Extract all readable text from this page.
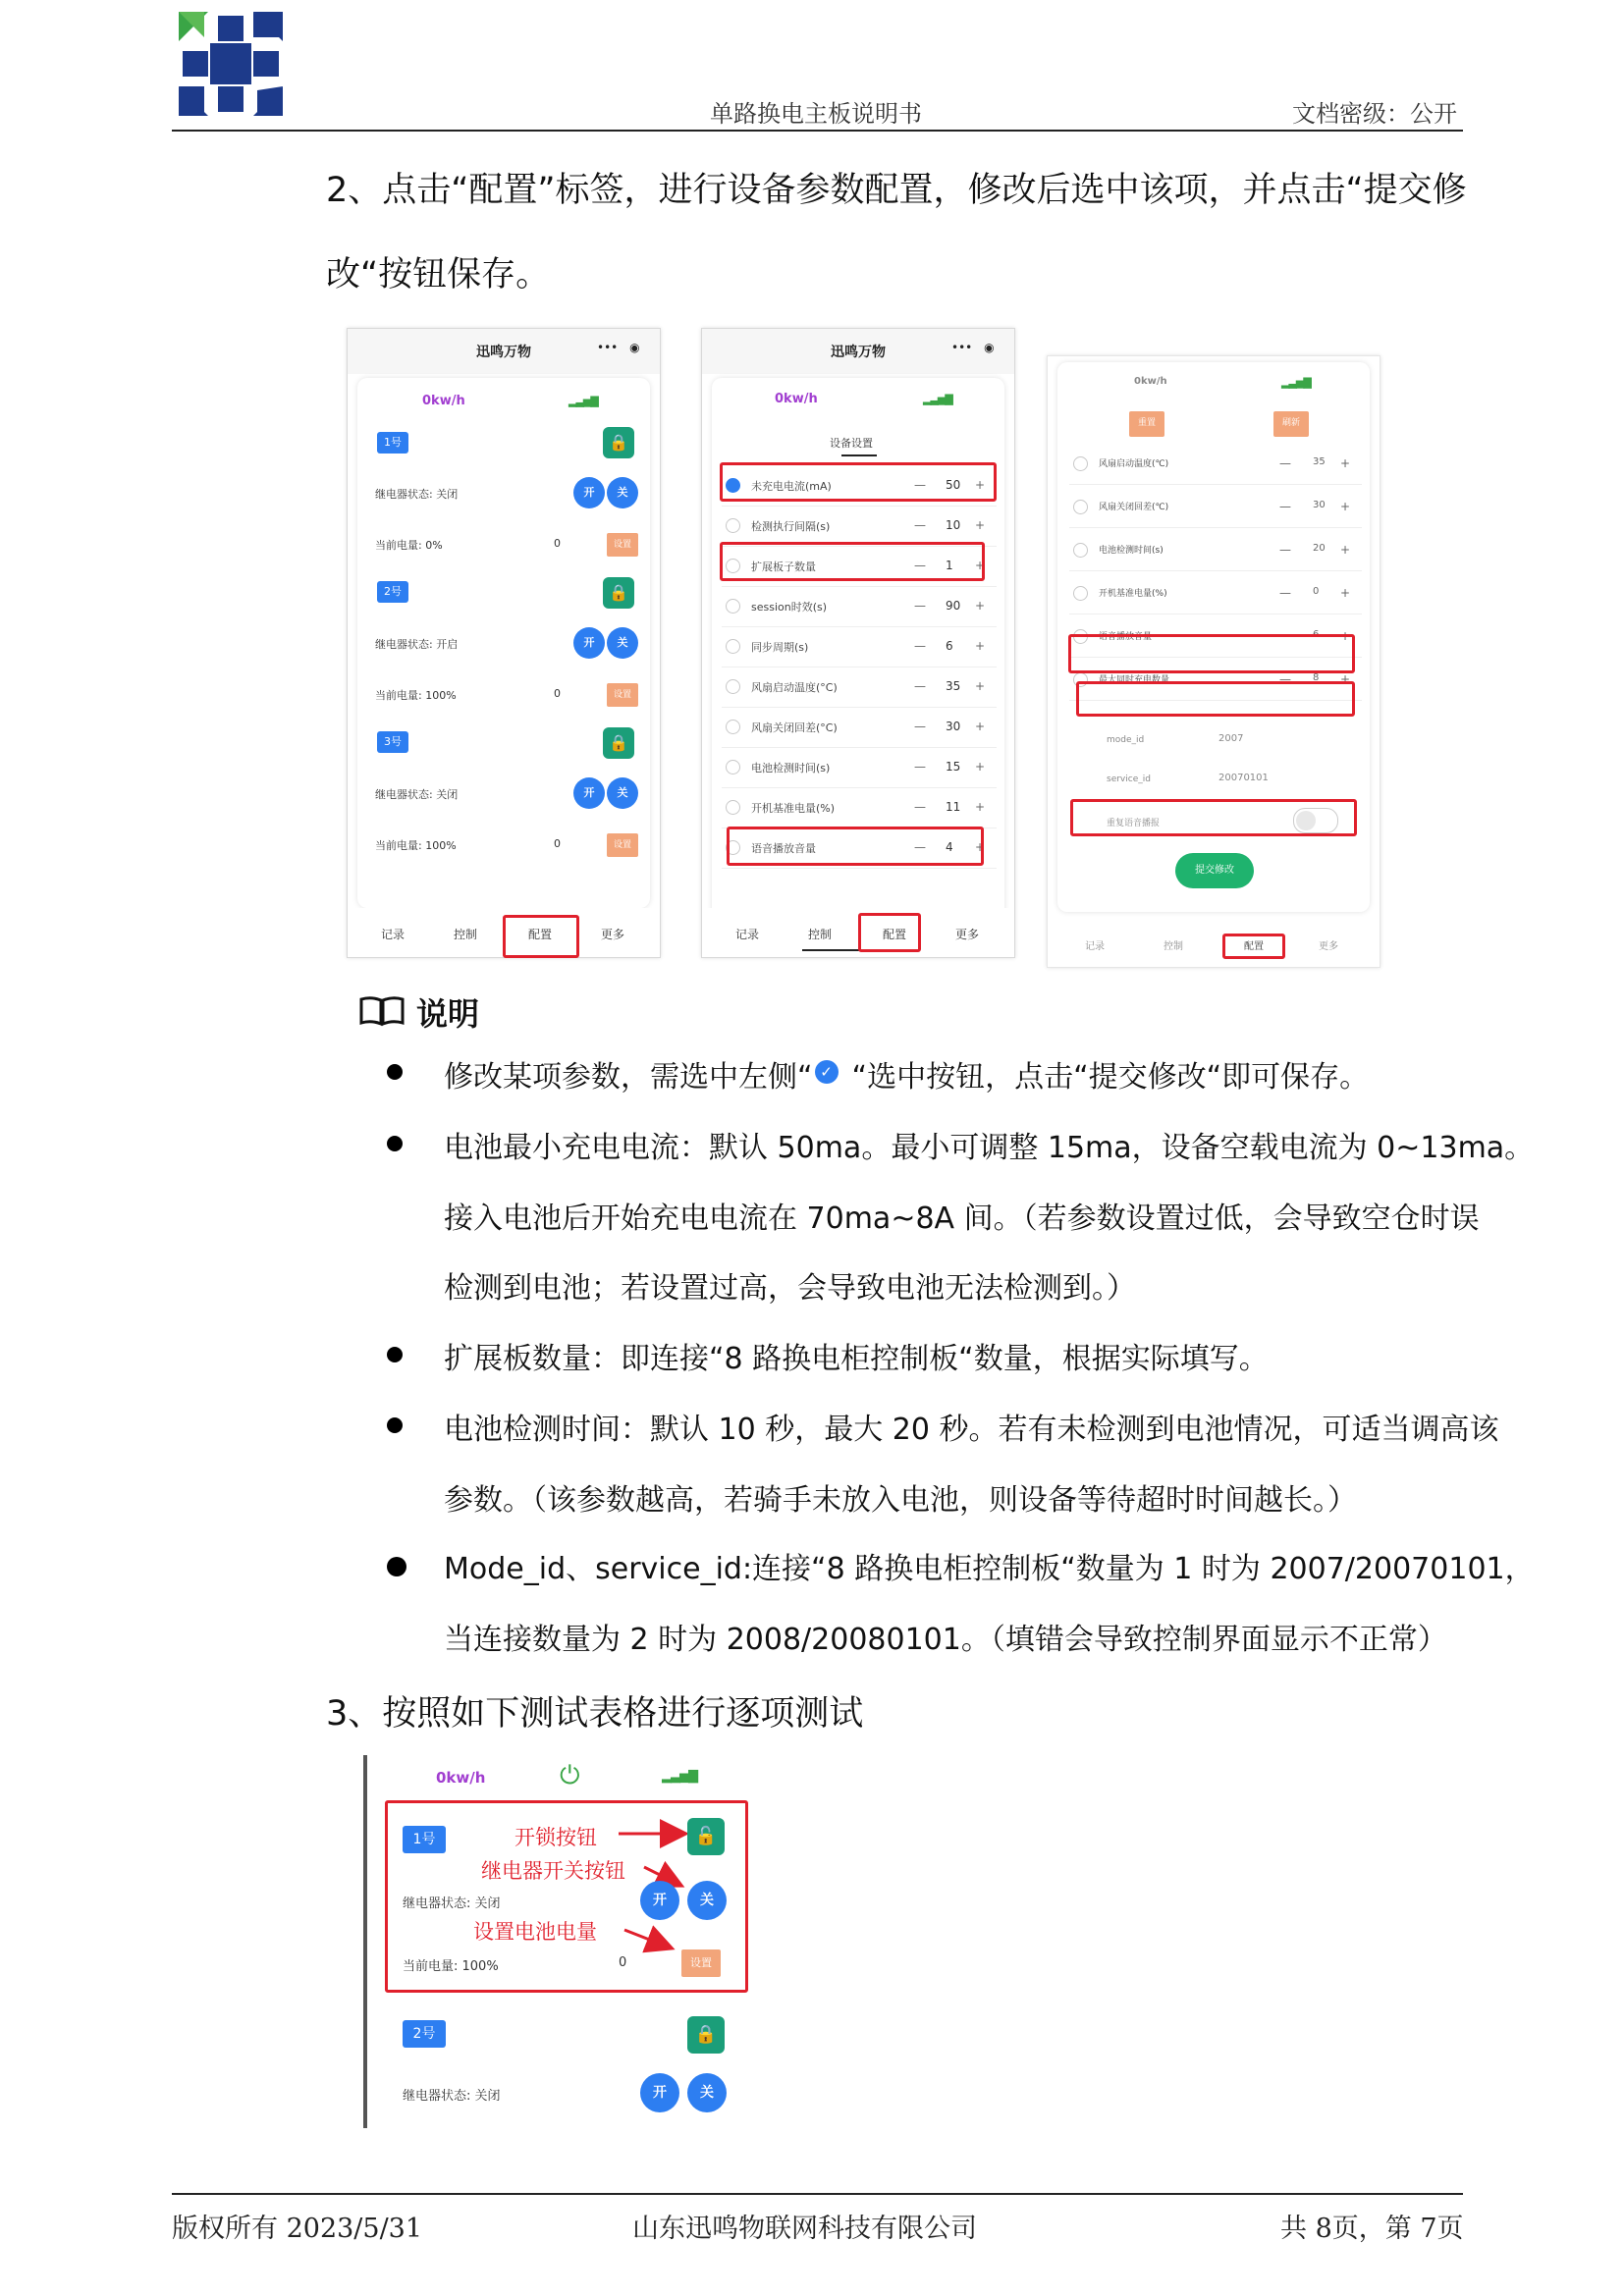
单路换电主板说明书	文档密级：公开
2、点击“配置”标签，进行设备参数配置，修改后选中该项，并点击“提交修
改“按钮保存。
迅鸣万物	••• ◉
0kw/h	▂▃▅▇
1号	🔒
继电器状态: 关闭	开	关
当前电量: 0%	0	设置
2号	🔒
继电器状态: 开启	开	关
当前电量: 100%	0	设置
3号	🔒
继电器状态: 关闭	开	关
当前电量: 100%	0	设置
记录	控制	配置	更多
迅鸣万物	••• ◉
0kw/h	▂▃▅▇
设备设置
未充电电流(mA)	— 50 +
检测执行间隔(s)	— 10 +
扩展板子数量	— 1 +
session时效(s)	— 90 +
同步周期(s)	— 6 +
风扇启动温度(°C)	— 35 +
风扇关闭回差(°C)	— 30 +
电池检测时间(s)	— 15 +
开机基准电量(%)	— 11 +
语音播放音量	— 4 +
记录	控制	配置	更多
0kw/h	▂▃▅▇
重置	刷新
风扇启动温度(℃)	— 35 +
风扇关闭回差(℃)	— 30 +
电池检测时间(s)	— 20 +
开机基准电量(%)	— 0 +
语音播放音量	— 6 +
最大同时充电数量	— 8 +
mode_id	2007
service_id	20070101
重复语音播报
提交修改
记录	控制	配置	更多
说明
修改某项参数，需选中左侧“ ✓ “选中按钮，点击“提交修改“即可保存。
电池最小充电电流：默认 50ma。最小可调整 15ma，设备空载电流为 0~13ma。
接入电池后开始充电电流在 70ma~8A 间。（若参数设置过低，会导致空仓时误
检测到电池；若设置过高，会导致电池无法检测到。）
扩展板数量：即连接“8 路换电柜控制板“数量，根据实际填写。
电池检测时间：默认 10 秒，最大 20 秒。若有未检测到电池情况，可适当调高该
参数。（该参数越高，若骑手未放入电池，则设备等待超时时间越长。）
Mode_id、service_id:连接“8 路换电柜控制板“数量为 1 时为 2007/20070101，
当连接数量为 2 时为 2008/20080101。（填错会导致控制界面显示不正常）
3、按照如下测试表格进行逐项测试
0kw/h	⏻	▂▃▅▇
1号	开锁按钮
继电器开关按钮
设置电池电量
🔓
继电器状态: 关闭	开	关
当前电量: 100%	0	设置
2号	🔒
继电器状态: 关闭	开	关
版权所有 2023/5/31	山东迅鸣物联网科技有限公司	共 8页，第 7页
